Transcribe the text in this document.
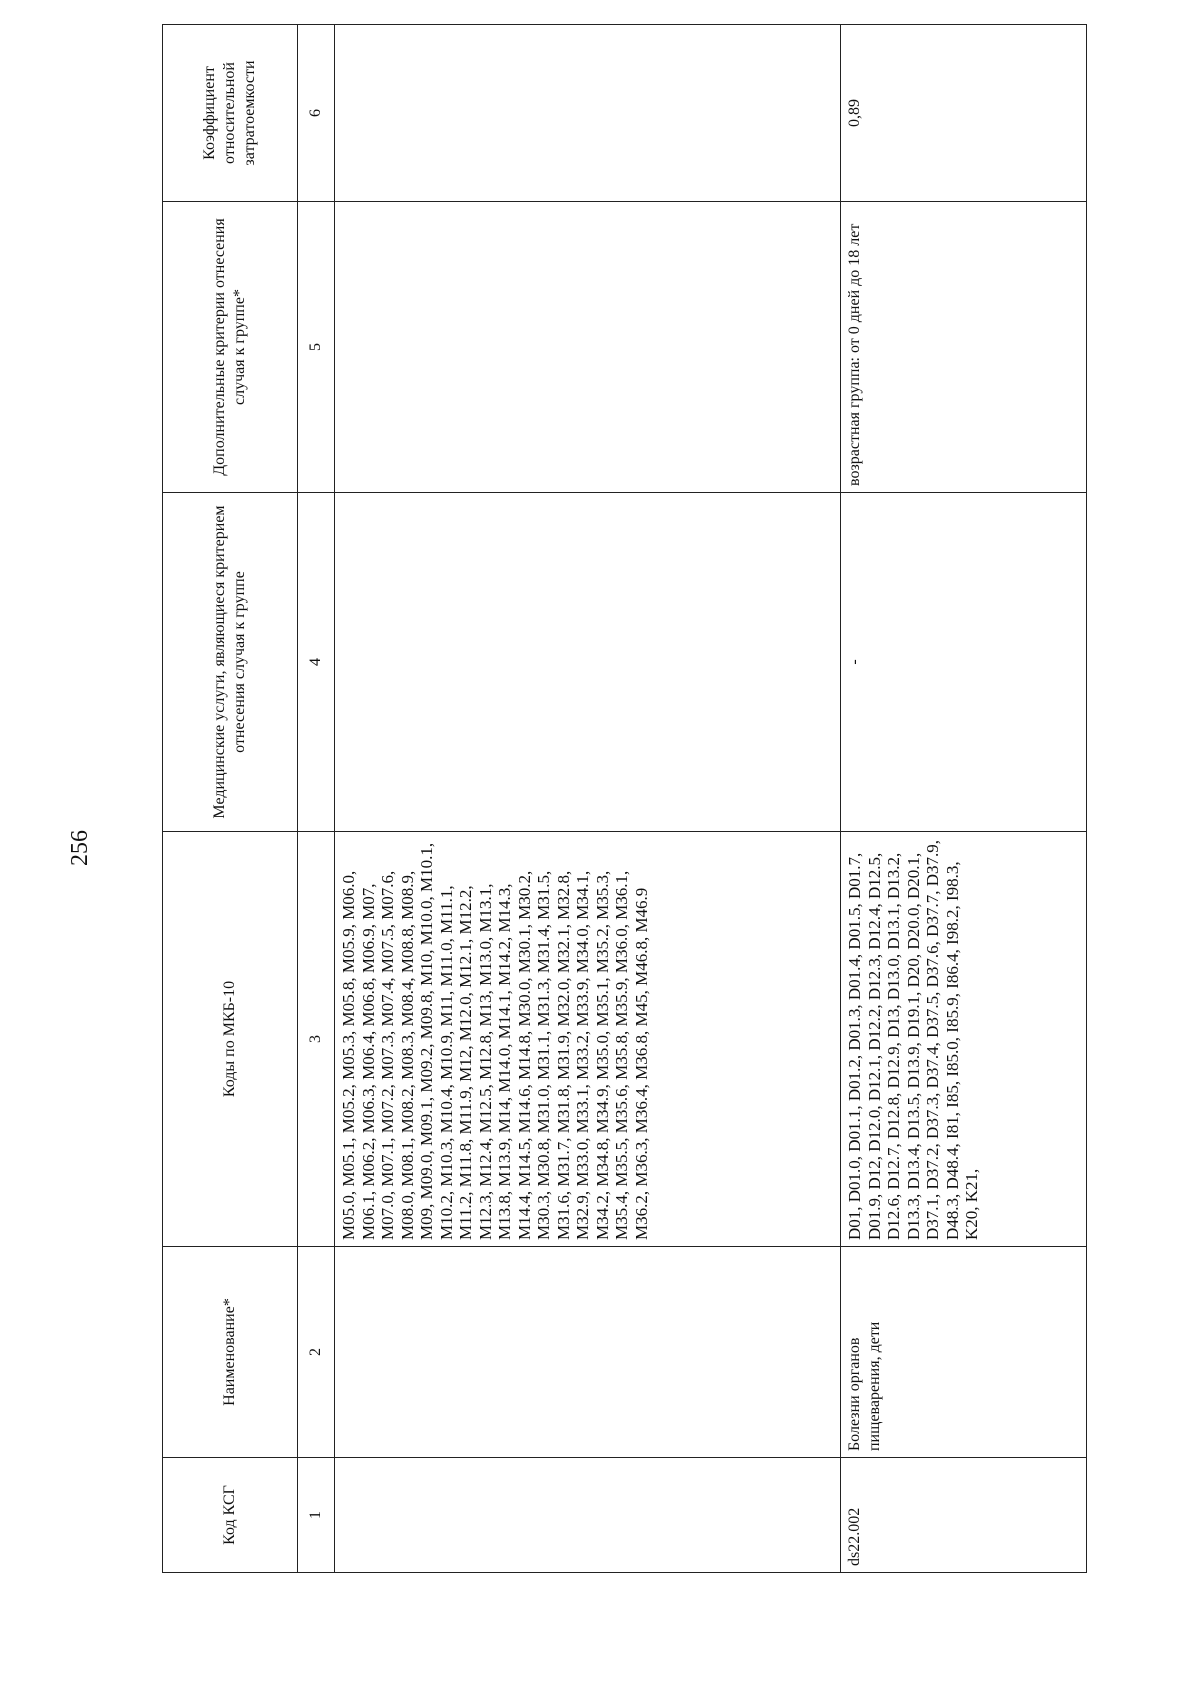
256
Код КСГ	Наименование*	Коды по МКБ-10	Медицинские услуги, являющиеся критерием отнесения случая к группе	Дополнительные критерии отнесения случая к группе*	Коэффициент относительной затратоемкости
1	2	3	4	5	6
		M05.0, M05.1, M05.2, M05.3, M05.8, M05.9, M06.0, M06.1, M06.2, M06.3, M06.4, M06.8, M06.9, M07, M07.0, M07.1, M07.2, M07.3, M07.4, M07.5, M07.6, M08.0, M08.1, M08.2, M08.3, M08.4, M08.8, M08.9, M09, M09.0, M09.1, M09.2, M09.8, M10, M10.0, M10.1, M10.2, M10.3, M10.4, M10.9, M11, M11.0, M11.1, M11.2, M11.8, M11.9, M12, M12.0, M12.1, M12.2, M12.3, M12.4, M12.5, M12.8, M13, M13.0, M13.1, M13.8, M13.9, M14, M14.0, M14.1, M14.2, M14.3, M14.4, M14.5, M14.6, M14.8, M30.0, M30.1, M30.2, M30.3, M30.8, M31.0, M31.1, M31.3, M31.4, M31.5, M31.6, M31.7, M31.8, M31.9, M32.0, M32.1, M32.8, M32.9, M33.0, M33.1, M33.2, M33.9, M34.0, M34.1, M34.2, M34.8, M34.9, M35.0, M35.1, M35.2, M35.3, M35.4, M35.5, M35.6, M35.8, M35.9, M36.0, M36.1, M36.2, M36.3, M36.4, M36.8, M45, M46.8, M46.9			
ds22.002	Болезни органов пищеварения, дети	D01, D01.0, D01.1, D01.2, D01.3, D01.4, D01.5, D01.7, D01.9, D12, D12.0, D12.1, D12.2, D12.3, D12.4, D12.5, D12.6, D12.7, D12.8, D12.9, D13, D13.0, D13.1, D13.2, D13.3, D13.4, D13.5, D13.9, D19.1, D20, D20.0, D20.1, D37.1, D37.2, D37.3, D37.4, D37.5, D37.6, D37.7, D37.9, D48.3, D48.4, I81, I85, I85.0, I85.9, I86.4, I98.2, I98.3, K20, K21,	-	возрастная группа: от 0 дней до 18 лет	0,89
